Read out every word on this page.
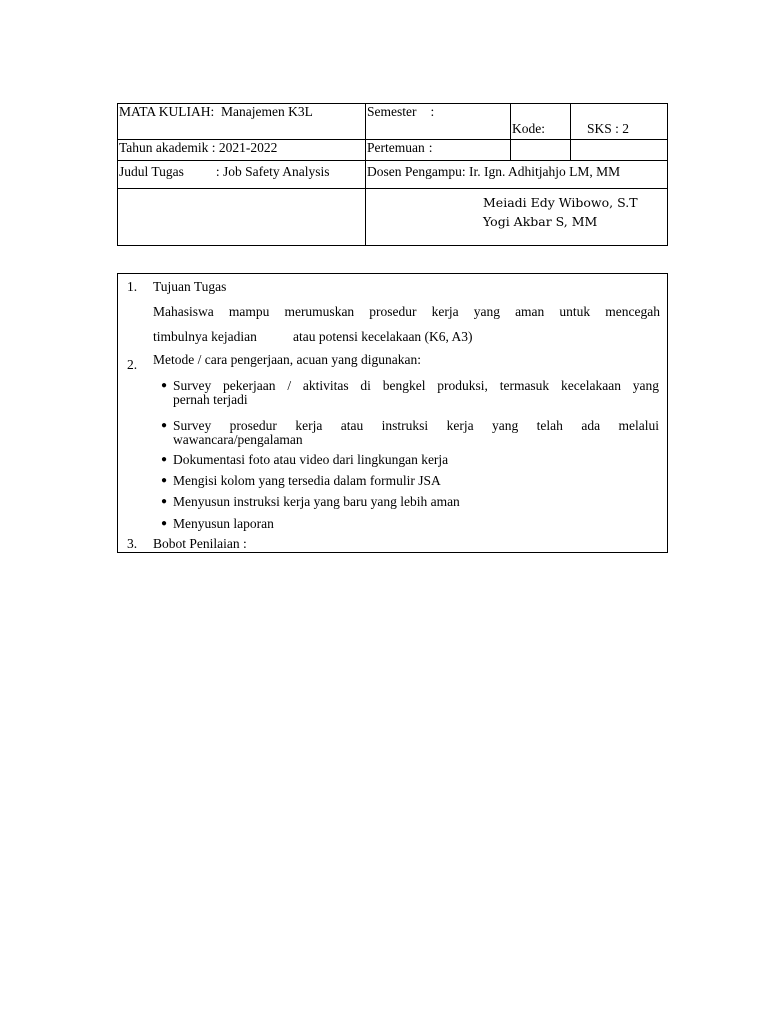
MATA KULIAH: Manajemen K3L	Semester :	Kode:	SKS : 2
Tahun akademik : 2021-2022	Pertemuan :		
Judul Tugas : Job Safety Analysis	Dosen Pengampu: Ir. Ign. Adhitjahjo LM, MM		

	Meiadi Edy Wibowo, S.T
Yogi Akbar S, MM		
1. Tujuan Tugas
Mahasiswa mampu merumuskan prosedur kerja yang aman untuk mencegah
timbulnya kejadian	atau potensi kecelakaan (K6, A3)
2. Metode / cara pengerjaan, acuan yang digunakan:
● Survey pekerjaan / aktivitas di bengkel produksi, termasuk kecelakaan yang
pernah terjadi
● Survey prosedur kerja atau instruksi kerja yang telah ada melalui
wawancara/pengalaman
● Dokumentasi foto atau video dari lingkungan kerja
● Mengisi kolom yang tersedia dalam formulir JSA
● Menyusun instruksi kerja yang baru yang lebih aman
● Menyusun laporan
3. Bobot Penilaian :
